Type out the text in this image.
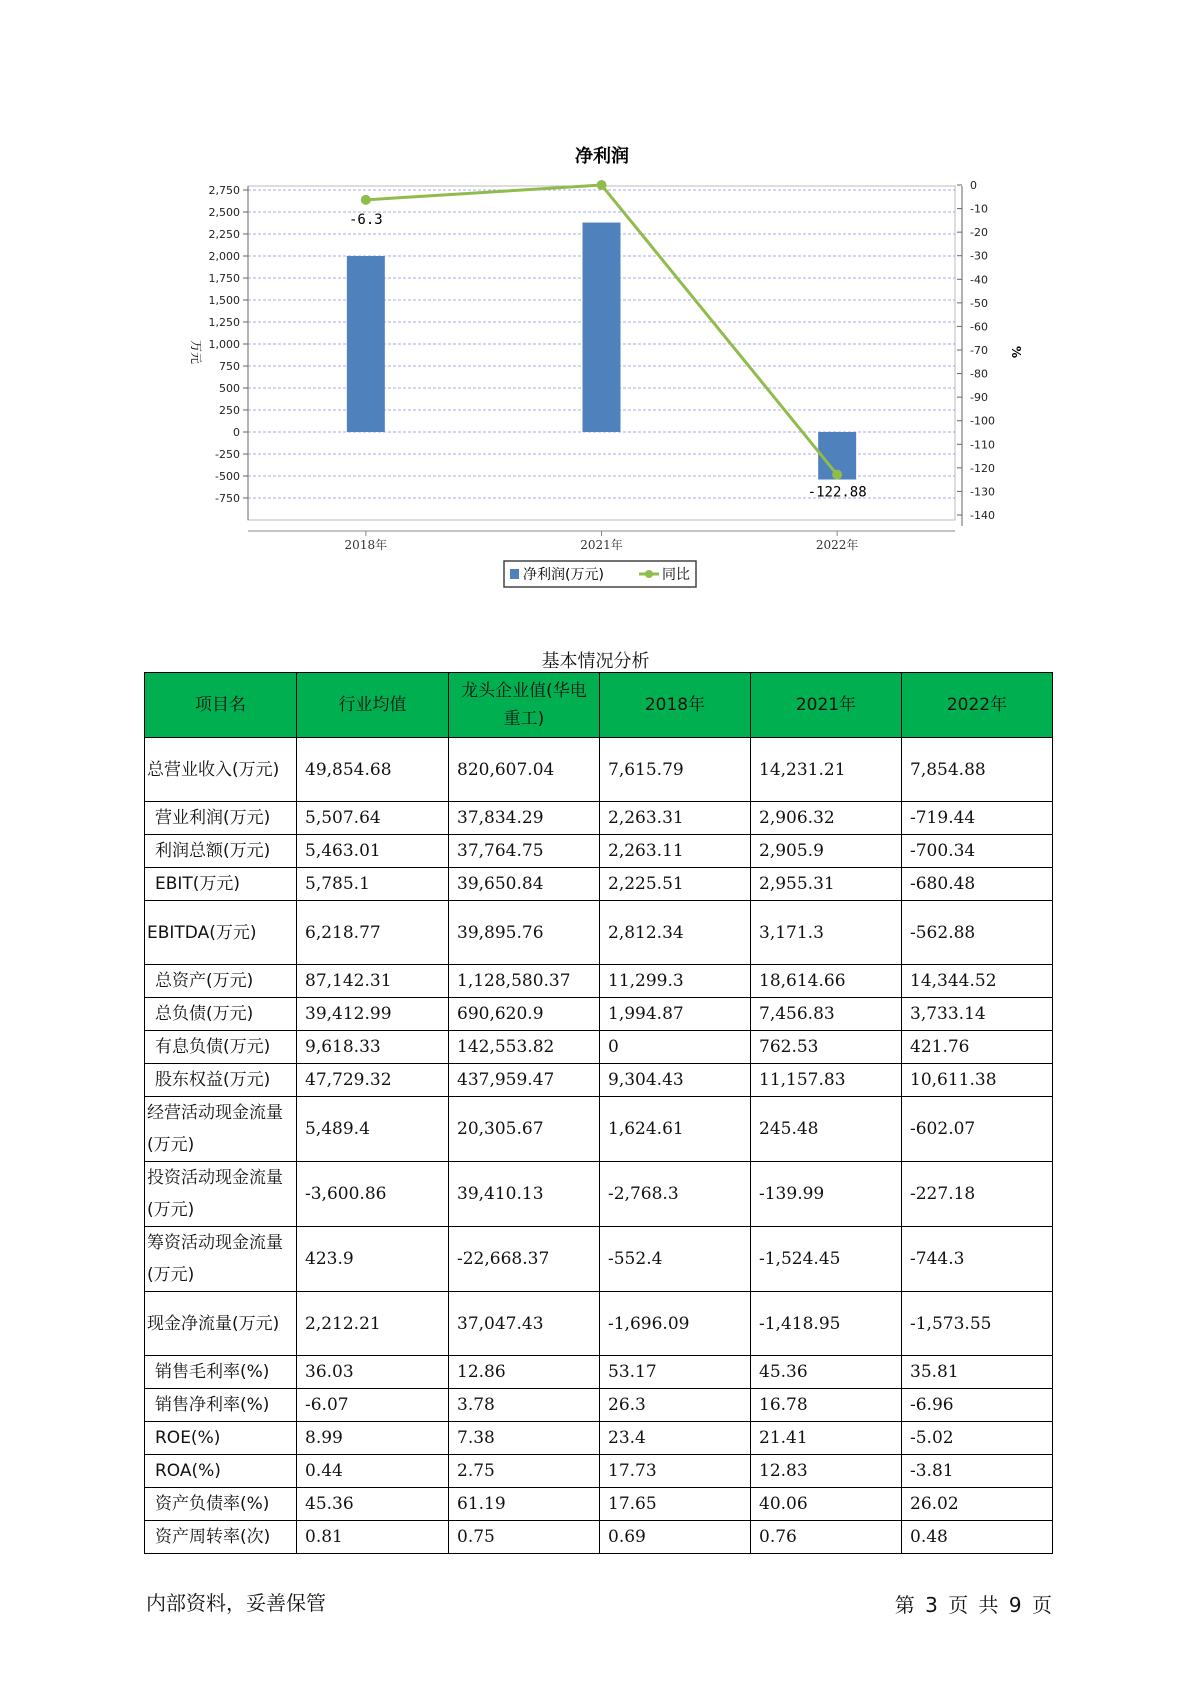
净利润
2,750
2,500
2,250
2,000
1,750
1,500
1,250
1,000
750
500
250
0
-250
-500
-750
0
-10
-20
-30
-40
-50
-60
-70
-80
-90
-100
-110
-120
-130
-140
万元	%
2018年	2021年	2022年
-6.3
-122.88
净利润(万元)	同比
基本情况分析
项目名	行业均值	龙头企业值(华电重工)	2018年	2021年	2022年
总营业收入(万元)	49,854.68	820,607.04	7,615.79	14,231.21	7,854.88
营业利润(万元)	5,507.64	37,834.29	2,263.31	2,906.32	-719.44
利润总额(万元)	5,463.01	37,764.75	2,263.11	2,905.9	-700.34
EBIT(万元)	5,785.1	39,650.84	2,225.51	2,955.31	-680.48
EBITDA(万元)	6,218.77	39,895.76	2,812.34	3,171.3	-562.88
总资产(万元)	87,142.31	1,128,580.37	11,299.3	18,614.66	14,344.52
总负债(万元)	39,412.99	690,620.9	1,994.87	7,456.83	3,733.14
有息负债(万元)	9,618.33	142,553.82	0	762.53	421.76
股东权益(万元)	47,729.32	437,959.47	9,304.43	11,157.83	10,611.38
经营活动现金流量(万元)	5,489.4	20,305.67	1,624.61	245.48	-602.07
投资活动现金流量(万元)	-3,600.86	39,410.13	-2,768.3	-139.99	-227.18
筹资活动现金流量(万元)	423.9	-22,668.37	-552.4	-1,524.45	-744.3
现金净流量(万元)	2,212.21	37,047.43	-1,696.09	-1,418.95	-1,573.55
销售毛利率(%)	36.03	12.86	53.17	45.36	35.81
销售净利率(%)	-6.07	3.78	26.3	16.78	-6.96
ROE(%)	8.99	7.38	23.4	21.41	-5.02
ROA(%)	0.44	2.75	17.73	12.83	-3.81
资产负债率(%)	45.36	61.19	17.65	40.06	26.02
资产周转率(次)	0.81	0.75	0.69	0.76	0.48
内部资料，妥善保管	第 3 页 共 9 页
